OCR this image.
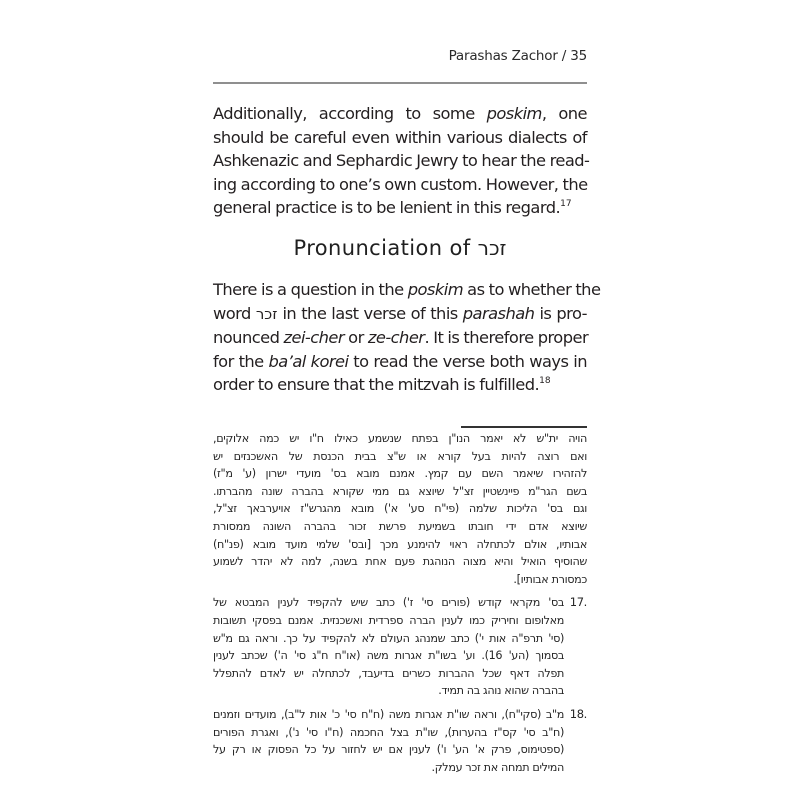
Parashas Zachor / 35
Additionally, according to some poskim, one
should be careful even within various dialects of
Ashkenazic and Sephardic Jewry to hear the read-
ing according to one’s own custom. However, the
general practice is to be lenient in this regard.$^{17}$
Pronunciation of זכר
There is a question in the poskim as to whether the
word זכר in the last verse of this parashah is pro-
nounced zei-cher or ze-cher. It is therefore proper
for the ba’al korei to read the verse both ways in
order to ensure that the mitzvah is fulfilled.$^{18}$
הויה ית"ש לא יאמר הנו"ן בפתח שנשמע כאילו ח"ו יש כמה אלוקים,
ואם רוצה להיות בעל קורא או ש"צ בבית הכנסת של האשכנזים יש
להזהירו שיאמר השם עם קמץ. אמנם מובא בס' מועדי ישרון (ע' מ"ז)
בשם הגר"מ פיינשטיין זצ"ל שיוצא גם ממי שקורא בהברה שונה מהברתו.
וגם בס' הליכות שלמה (פי"ח סע' א') מובא מהגרש"ז אויערבאך זצ"ל,
שיוצא אדם ידי חובתו בשמיעת פרשת זכור בהברה השונה ממסורת
אבותיו, אולם לכתחלה ראוי להימנע מכך [ובס' שלמי מועד מובא (פנ"ח)
שהוסיף הואיל והיא מצוה הנוהגת פעם אחת בשנה, למה לא יהדר לשמוע
כמסורת אבותיו].
17.
בס' מקראי קודש (פורים סי' ז') כתב שיש להקפיד לענין המבטא של
מאלופום וחיריק כמו לענין הברה ספרדית ואשכנזית. אמנם בפסקי תשובות
(סי' תרפ"ה אות י') כתב שמנהג העולם לא להקפיד על כך. וראה גם מ"ש
בסמוך (הע' 16). וע' בשו"ת אגרות משה (או"ח ח"ג סי' ה') שכתב לענין
תפלה דאף שכל ההברות כשרים בדיעבד, לכתחלה יש לאדם להתפלל
בהברה שהוא נוהג בה תמיד.
18.
מ"ב (סקי"ח), וראה שו"ת אגרות משה (ח"ח סי' כ' אות ל"ב), מועדים וזמנים
(ח"ב סי' קס"ז בהערות), שו"ת בצל החכמה (ח"ו סי' נ'), ואגרת הפורים
(ספטימוס, פרק א' הע' ו') לענין אם יש לחזור על כל הפסוק או רק על
המילים תמחה את זכר עמלק.
